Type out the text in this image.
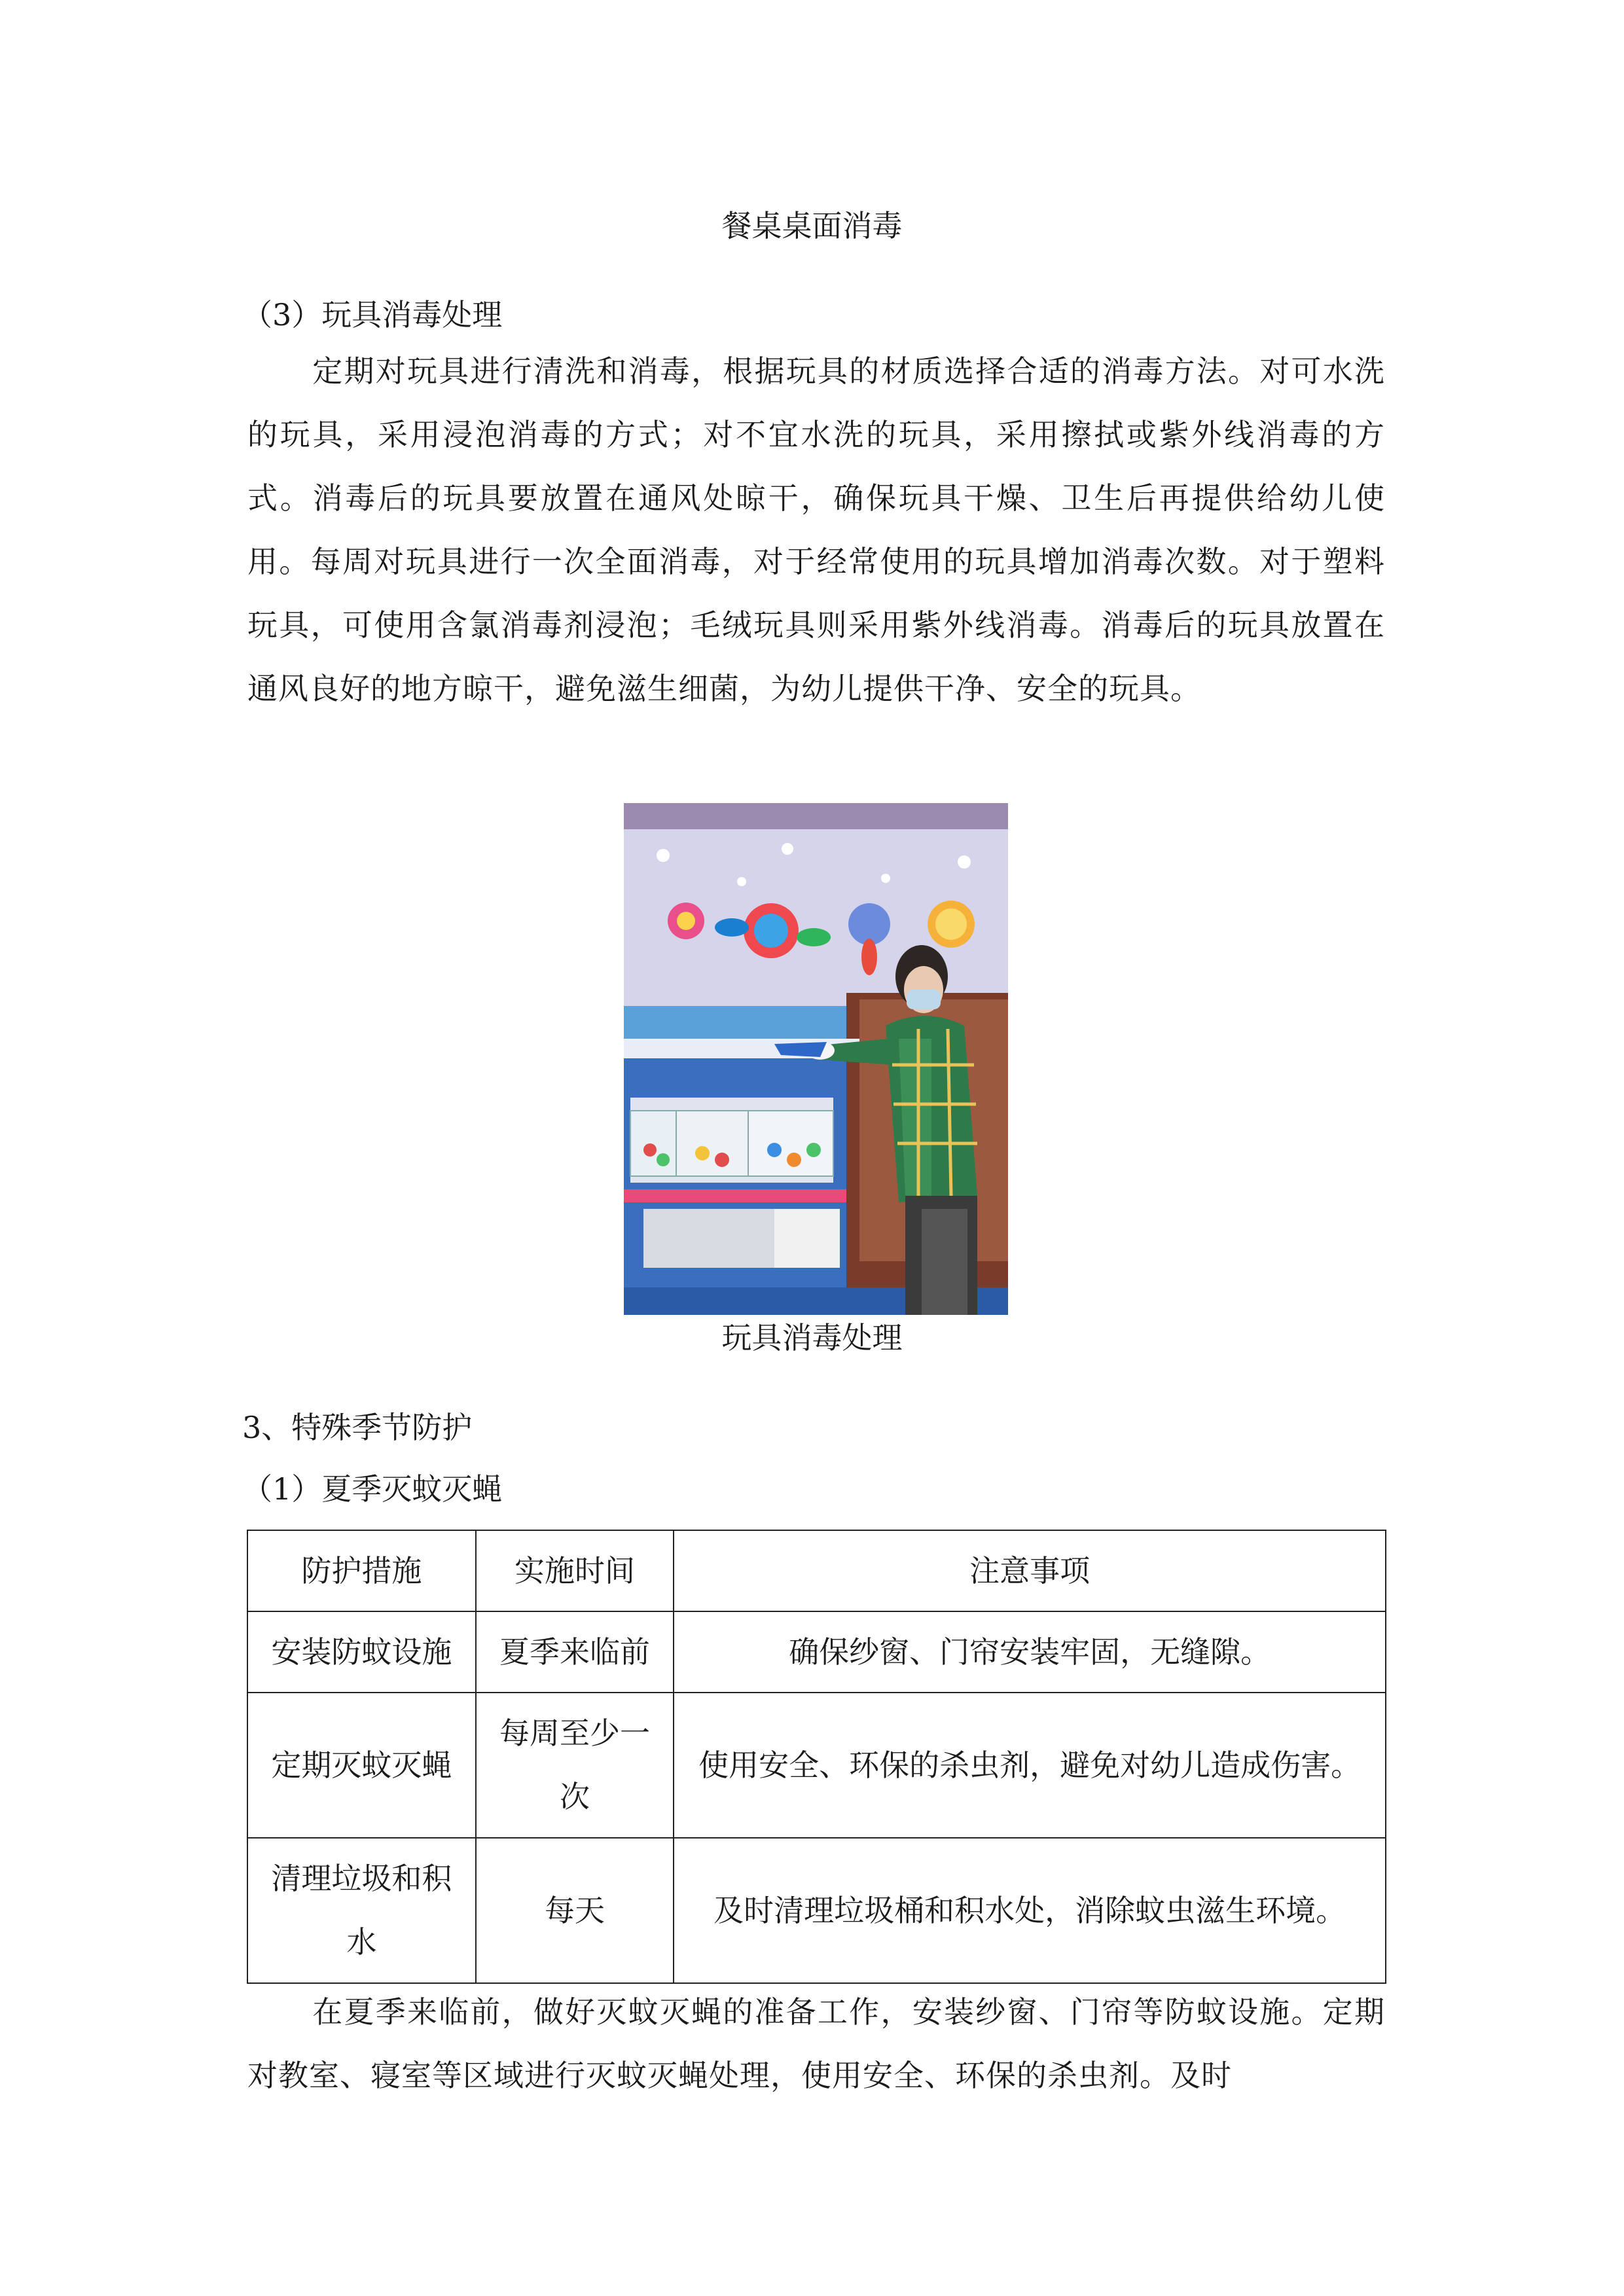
餐桌桌面消毒
（3）玩具消毒处理
定期对玩具进行清洗和消毒，根据玩具的材质选择合适的消毒方法。对可水洗的玩具，采用浸泡消毒的方式；对不宜水洗的玩具，采用擦拭或紫外线消毒的方式。消毒后的玩具要放置在通风处晾干，确保玩具干燥、卫生后再提供给幼儿使用。每周对玩具进行一次全面消毒，对于经常使用的玩具增加消毒次数。对于塑料玩具，可使用含氯消毒剂浸泡；毛绒玩具则采用紫外线消毒。消毒后的玩具放置在通风良好的地方晾干，避免滋生细菌，为幼儿提供干净、安全的玩具。
玩具消毒处理
3、特殊季节防护
（1）夏季灭蚊灭蝇
防护措施	实施时间	注意事项
安装防蚊设施	夏季来临前	确保纱窗、门帘安装牢固，无缝隙。
定期灭蚊灭蝇	每周至少一次	使用安全、环保的杀虫剂，避免对幼儿造成伤害。
清理垃圾和积水	每天	及时清理垃圾桶和积水处，消除蚊虫滋生环境。
在夏季来临前，做好灭蚊灭蝇的准备工作，安装纱窗、门帘等防蚊设施。定期对教室、寝室等区域进行灭蚊灭蝇处理，使用安全、环保的杀虫剂。及时
